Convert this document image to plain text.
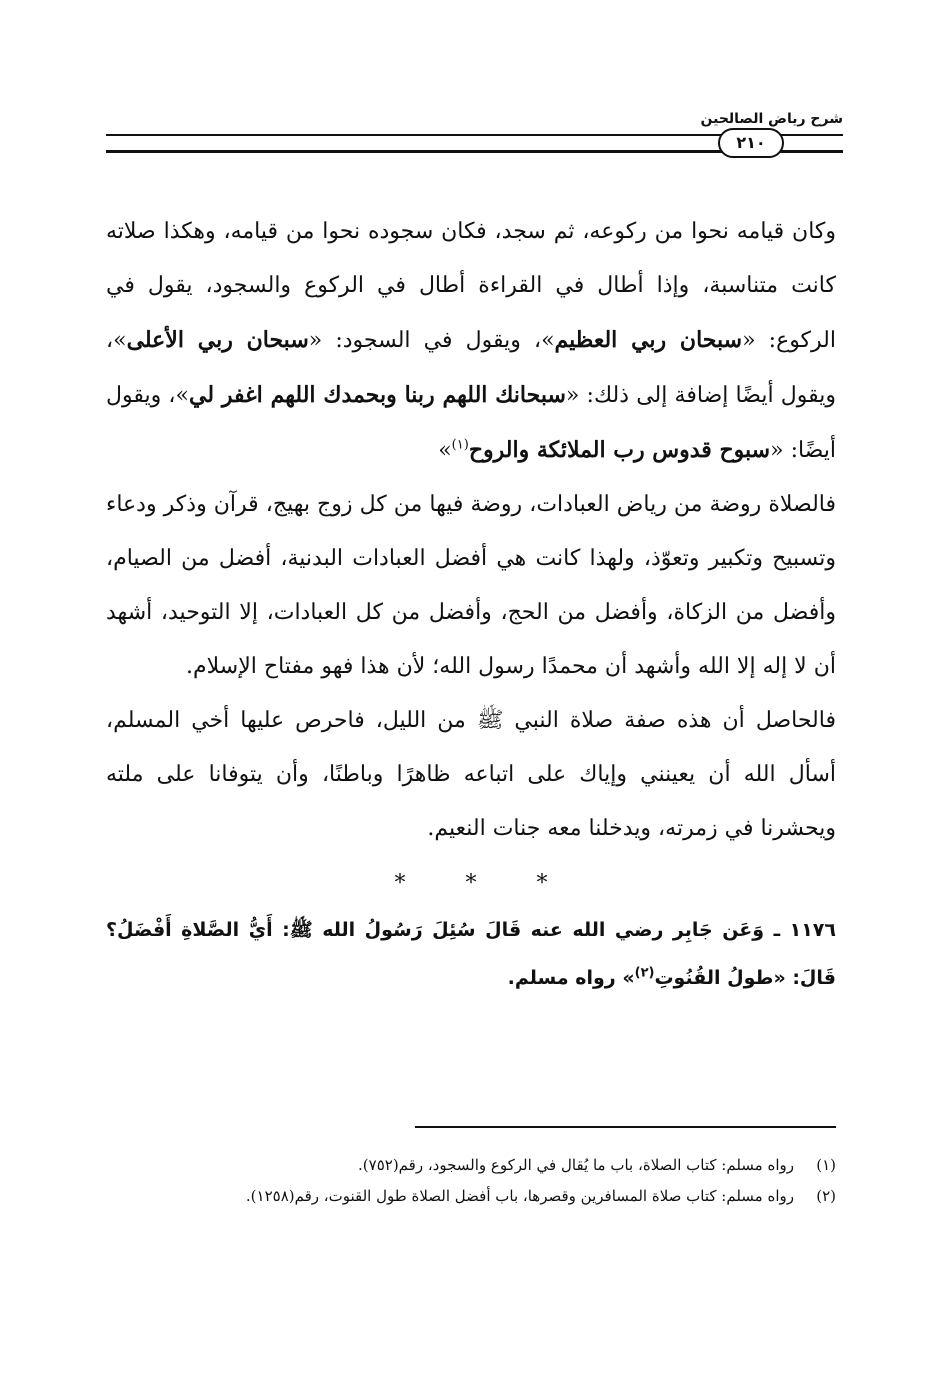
شرح رياض الصالحين
٢١٠

وكان قيامه نحوا من ركوعه، ثم سجد، فكان سجوده نحوا من قيامه، وهكذا صلاته كانت متناسبة، وإذا أطال في القراءة أطال في الركوع والسجود، يقول في الركوع: «سبحان ربي العظيم»، ويقول في السجود: «سبحان ربي الأعلى»، ويقول أيضًا إضافة إلى ذلك: «سبحانك اللهم ربنا وبحمدك اللهم اغفر لي»، ويقول أيضًا: «سبوح قدوس رب الملائكة والروح$^{(١)}$»

فالصلاة روضة من رياض العبادات، روضة فيها من كل زوج بهيج، قرآن وذكر ودعاء وتسبيح وتكبير وتعوّذ، ولهذا كانت هي أفضل العبادات البدنية، أفضل من الصيام، وأفضل من الزكاة، وأفضل من الحج، وأفضل من كل العبادات، إلا التوحيد، أشهد أن لا إله إلا الله وأشهد أن محمدًا رسول الله؛ لأن هذا فهو مفتاح الإسلام.

فالحاصل أن هذه صفة صلاة النبي ﷺ من الليل، فاحرص عليها أخي المسلم، أسأل الله أن يعينني وإياك على اتباعه ظاهرًا وباطنًا، وأن يتوفانا على ملته ويحشرنا في زمرته، ويدخلنا معه جنات النعيم.

***

١١٧٦ ـ وَعَن جَابِر رضي الله عنه قَالَ سُئِلَ رَسُولُ الله ﷺ: أَيُّ الصَّلاةِ أَفْضَلُ؟ قَالَ: «طولُ القُنُوتِ$^{(٢)}$» رواه مسلم.

(١)
رواه مسلم: كتاب الصلاة، باب ما يُقال في الركوع والسجود، رقم(٧٥٢).
(٢)
رواه مسلم: كتاب صلاة المسافرين وقصرها، باب أفضل الصلاة طول القنوت، رقم(١٢٥٨).
